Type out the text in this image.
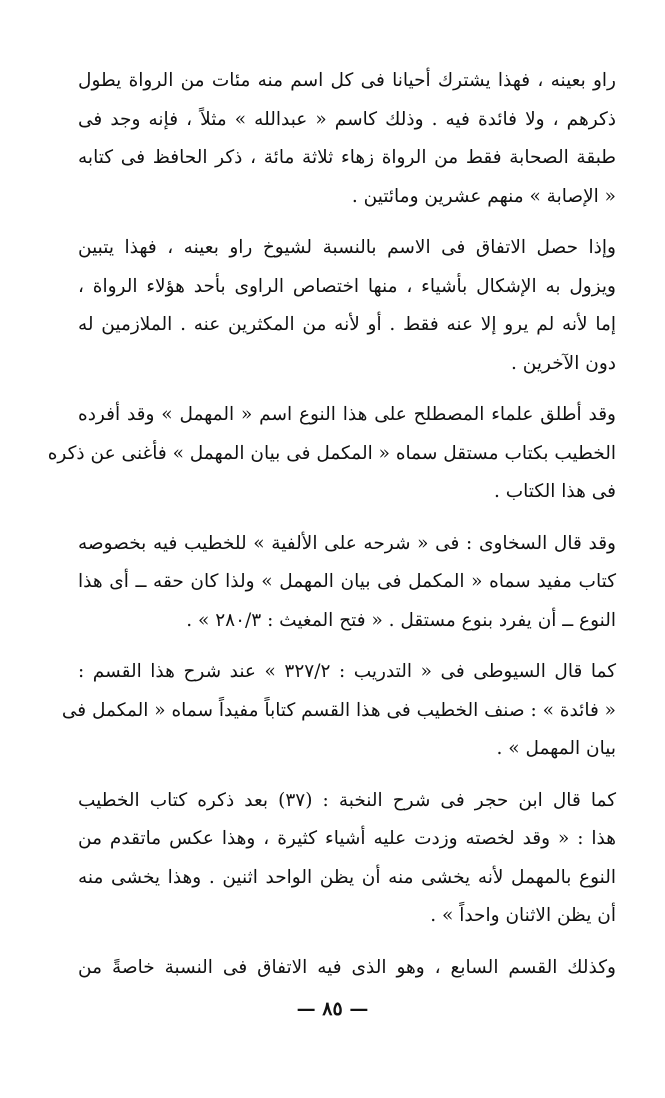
راو بعينه ، فهذا يشترك أحيانا فى كل اسم منه مئات من الرواة يطول
ذكرهم ، ولا فائدة فيه . وذلك كاسم « عبدالله » مثلاً ، فإنه وجد فى
طبقة الصحابة فقط من الرواة زهاء ثلاثة مائة ، ذكر الحافظ فى كتابه
« الإصابة » منهم عشرين ومائتين .

وإذا حصل الاتفاق فى الاسم بالنسبة لشيوخ راو بعينه ، فهذا يتبين
ويزول به الإشكال بأشياء ، منها اختصاص الراوى بأحد هؤلاء الرواة ،
إما لأنه لم يرو إلا عنه فقط . أو لأنه من المكثرين عنه . الملازمين له
دون الآخرين .

وقد أطلق علماء المصطلح على هذا النوع اسم « المهمل » وقد أفرده
الخطيب بكتاب مستقل سماه « المكمل فى بيان المهمل » فأغنى عن ذكره
فى هذا الكتاب .

وقد قال السخاوى : فى « شرحه على الألفية » للخطيب فيه بخصوصه
كتاب مفيد سماه « المكمل فى بيان المهمل » ولذا كان حقه ــ أى هذا
النوع ــ أن يفرد بنوع مستقل . « فتح المغيث : ٢٨٠/٣ » .

كما قال السيوطى فى « التدريب : ٣٢٧/٢ » عند شرح هذا القسم :
« فائدة » : صنف الخطيب فى هذا القسم كتاباً مفيداً سماه « المكمل فى
بيان المهمل » .

كما قال ابن حجر فى شرح النخبة : (٣٧) بعد ذكره كتاب الخطيب
هذا : « وقد لخصته وزدت عليه أشياء كثيرة ، وهذا عكس ماتقدم من
النوع بالمهمل لأنه يخشى منه أن يظن الواحد اثنين . وهذا يخشى منه
أن يظن الاثنان واحداً » .

وكذلك القسم السابع ، وهو الذى فيه الاتفاق فى النسبة خاصةً من

— ٨٥ —
